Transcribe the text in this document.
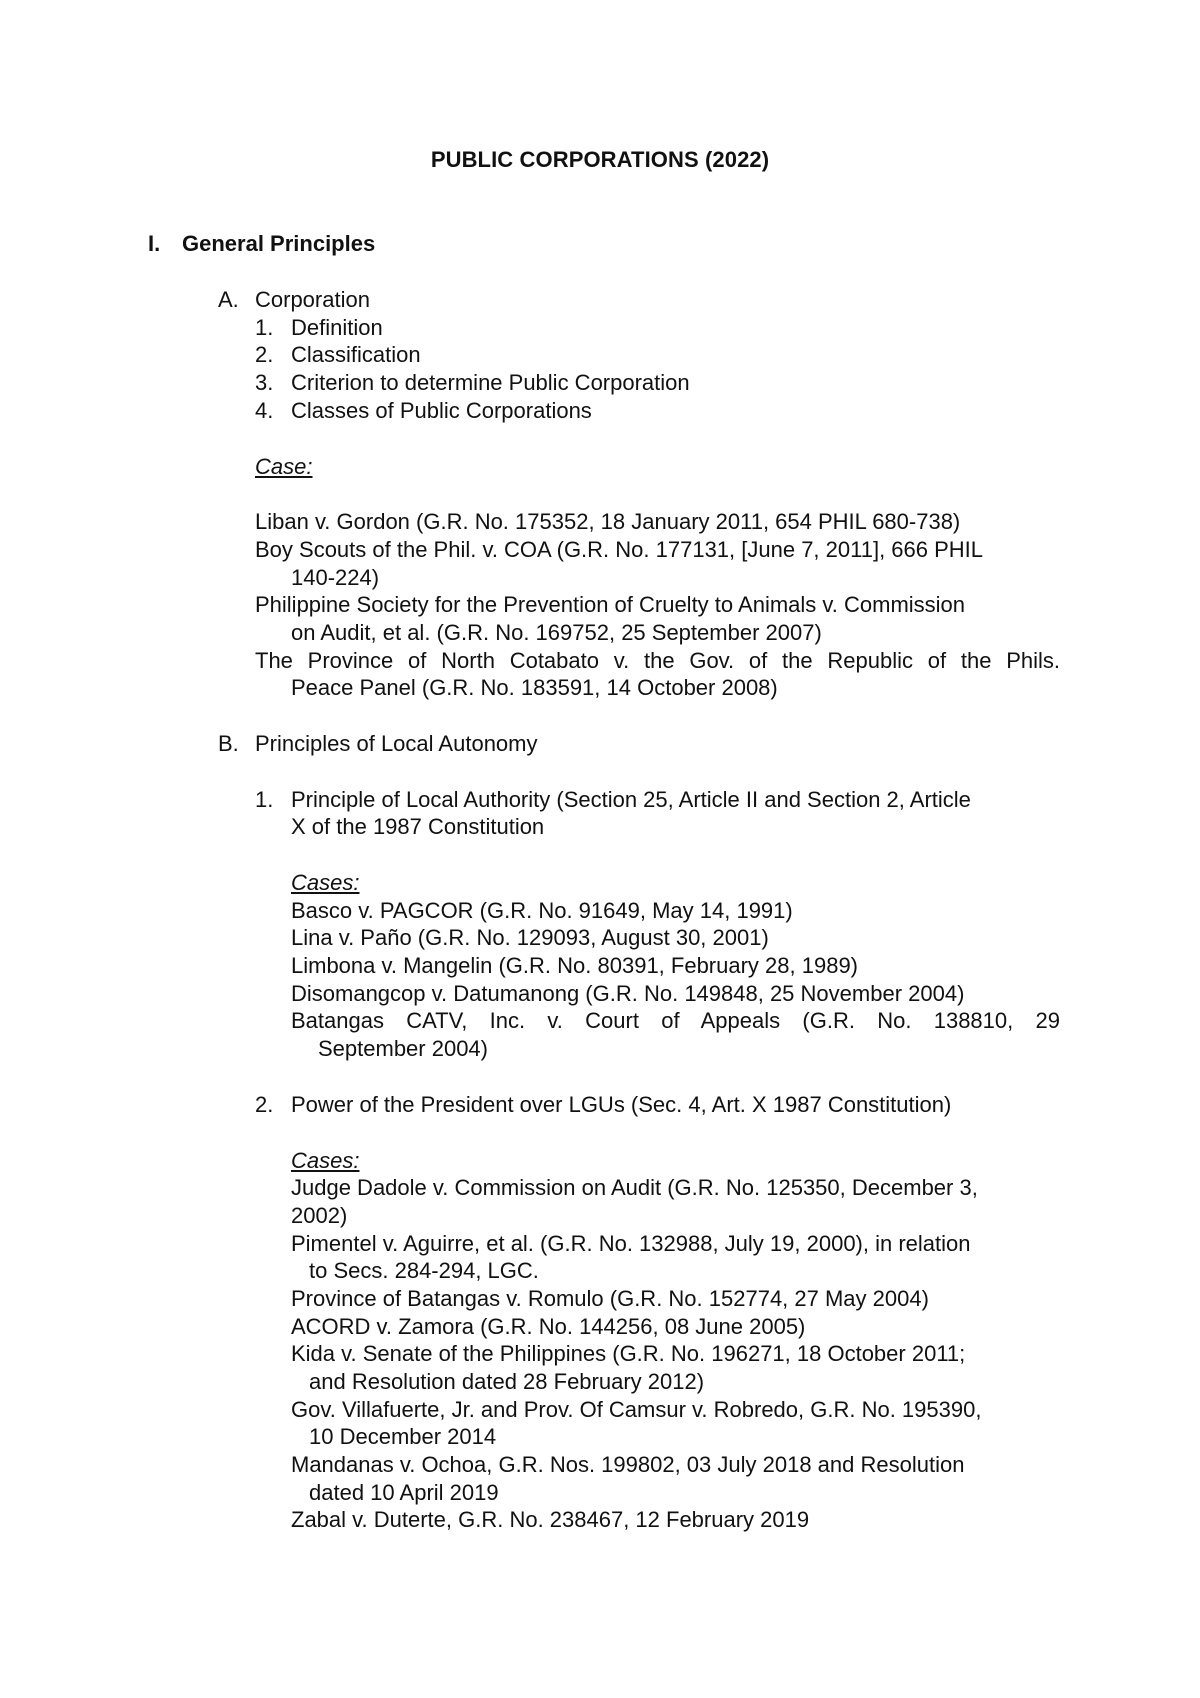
PUBLIC CORPORATIONS (2022)
I. General Principles
A. Corporation
1. Definition
2. Classification
3. Criterion to determine Public Corporation
4. Classes of Public Corporations
Case:
Liban v. Gordon (G.R. No. 175352, 18 January 2011, 654 PHIL 680-738)
Boy Scouts of the Phil. v. COA (G.R. No. 177131, [June 7, 2011], 666 PHIL
140-224)
Philippine Society for the Prevention of Cruelty to Animals v. Commission
on Audit, et al. (G.R. No. 169752, 25 September 2007)
The Province of North Cotabato v. the Gov. of the Republic of the Phils.
Peace Panel (G.R. No. 183591, 14 October 2008)
B. Principles of Local Autonomy
1. Principle of Local Authority (Section 25, Article II and Section 2, Article
X of the 1987 Constitution
Cases:
Basco v. PAGCOR (G.R. No. 91649, May 14, 1991)
Lina v. Paño (G.R. No. 129093, August 30, 2001)
Limbona v. Mangelin (G.R. No. 80391, February 28, 1989)
Disomangcop v. Datumanong (G.R. No. 149848, 25 November 2004)
Batangas CATV, Inc. v. Court of Appeals (G.R. No. 138810, 29
September 2004)
2. Power of the President over LGUs (Sec. 4, Art. X 1987 Constitution)
Cases:
Judge Dadole v. Commission on Audit (G.R. No. 125350, December 3,
2002)
Pimentel v. Aguirre, et al. (G.R. No. 132988, July 19, 2000), in relation
to Secs. 284-294, LGC.
Province of Batangas v. Romulo (G.R. No. 152774, 27 May 2004)
ACORD v. Zamora (G.R. No. 144256, 08 June 2005)
Kida v. Senate of the Philippines (G.R. No. 196271, 18 October 2011;
and Resolution dated 28 February 2012)
Gov. Villafuerte, Jr. and Prov. Of Camsur v. Robredo, G.R. No. 195390,
10 December 2014
Mandanas v. Ochoa, G.R. Nos. 199802, 03 July 2018 and Resolution
dated 10 April 2019
Zabal v. Duterte, G.R. No. 238467, 12 February 2019
